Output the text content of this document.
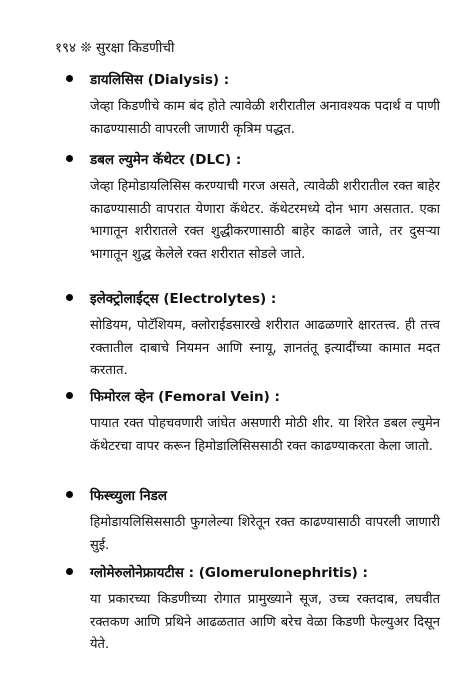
१९४ ❊ सुरक्षा किडणीची
डायलिसिस (Dialysis) :
जेव्हा किडणीचे काम बंद होते त्यावेळी शरीरातील अनावश्यक पदार्थ व पाणी काढण्यासाठी वापरली जाणारी कृत्रिम पद्धत.
डबल ल्युमेन कॅथेटर (DLC) :
जेव्हा हिमोडायलिसिस करण्याची गरज असते, त्यावेळी शरीरातील रक्त बाहेर काढण्यासाठी वापरात येणारा कॅथेटर. कॅथेटरमध्ये दोन भाग असतात. एका भागातून शरीरातले रक्त शुद्धीकरणासाठी बाहेर काढले जाते, तर दुसऱ्या भागातून शुद्ध केलेले रक्त शरीरात सोडले जाते.
इलेक्ट्रोलाईट्स (Electrolytes) :
सोडियम, पोटॅशियम, क्लोराईडसारखे शरीरात आढळणारे क्षारतत्त्व. ही तत्त्व रक्तातील दाबाचे नियमन आणि स्नायू, ज्ञानतंतू इत्यादींच्या कामात मदत करतात.
फिमोरल व्हेन (Femoral Vein) :
पायात रक्त पोहचवणारी जांघेत असणारी मोठी शीर. या शिरेत डबल ल्युमेन कॅथेटरचा वापर करून हिमोडालिसिससाठी रक्त काढण्याकरता केला जातो.
फिस्च्युला निडल
हिमोडायलिसिससाठी फुगलेल्या शिरेतून रक्त काढण्यासाठी वापरली जाणारी सुई.
ग्लोमेरुलोनेफ्रायटीस : (Glomerulonephritis) :
या प्रकारच्या किडणीच्या रोगात प्रामुख्याने सूज, उच्च रक्तदाब, लघवीत रक्तकण आणि प्रथिने आढळतात आणि बरेच वेळा किडणी फेल्युअर दिसून येते.
